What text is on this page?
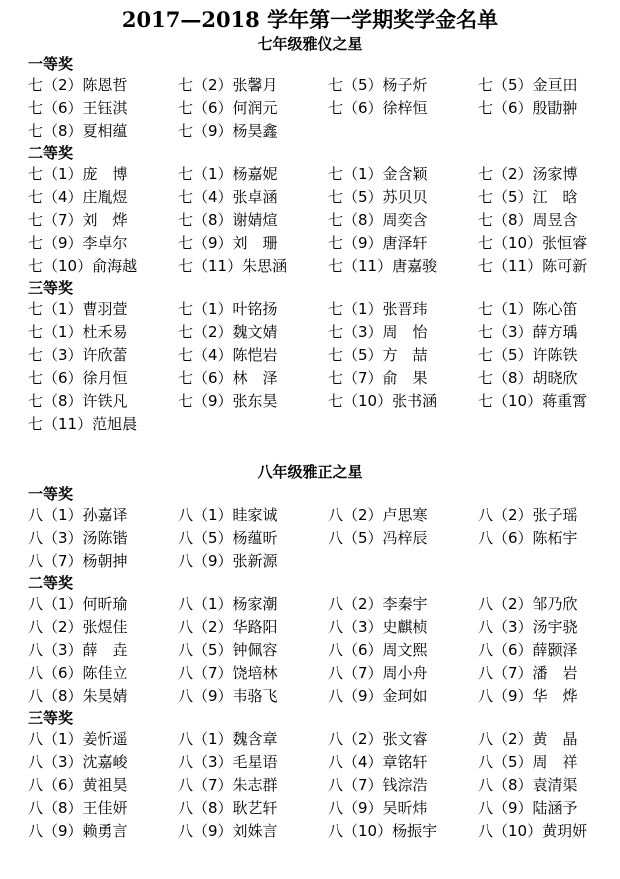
2017—2018 学年第一学期奖学金名单
七年级雅仪之星
一等奖
七（2）陈恩哲	七（2）张馨月	七（5）杨子炘	七（5）金亘田
七（6）王钰淇	七（6）何润元	七（6）徐梓恒	七（6）殷勖翀
七（8）夏相蕴	七（9）杨昊鑫
二等奖
七（1）庞　博	七（1）杨嘉妮	七（1）金含颖	七（2）汤家博
七（4）庄胤煜	七（4）张卓涵	七（5）苏贝贝	七（5）江　晗
七（7）刘　烨	七（8）谢婧煊	七（8）周奕含	七（8）周昱含
七（9）李卓尔	七（9）刘　珊	七（9）唐泽轩	七（10）张恒睿
七（10）俞海越	七（11）朱思涵	七（11）唐嘉骏	七（11）陈可新
三等奖
七（1）曹羽萱	七（1）叶铭扬	七（1）张晋玮	七（1）陈心笛
七（1）杜禾易	七（2）魏文婧	七（3）周　怡	七（3）薛方瑀
七（3）许欣蕾	七（4）陈恺岩	七（5）方　喆	七（5）许陈铁
七（6）徐月恒	七（6）林　泽	七（7）俞　果	七（8）胡晓欣
七（8）许铁凡	七（9）张东昊	七（10）张书涵	七（10）蒋重霄
七（11）范旭晨
八年级雅正之星
一等奖
八（1）孙嘉译	八（1）眭家诚	八（2）卢思寒	八（2）张子瑶
八（3）汤陈锴	八（5）杨蕴昕	八（5）冯梓辰	八（6）陈柘宇
八（7）杨朝抻	八（9）张新源
二等奖
八（1）何昕瑜	八（1）杨家潮	八（2）李秦宇	八（2）邹乃欣
八（2）张煜佳	八（2）华路阳	八（3）史麒桢	八（3）汤宇骁
八（3）薛　垚	八（5）钟佩容	八（6）周文熙	八（6）薛颢泽
八（6）陈佳立	八（7）饶培林	八（7）周小舟	八（7）潘　岩
八（8）朱昊婧	八（9）韦骆飞	八（9）金珂如	八（9）华　烨
三等奖
八（1）姜忻遥	八（1）魏含章	八（2）张文睿	八（2）黄　晶
八（3）沈嘉峻	八（3）毛星语	八（4）章铭轩	八（5）周　祥
八（6）黄祖昊	八（7）朱志群	八（7）钱淙浩	八（8）袁清渠
八（8）王佳妍	八（8）耿艺轩	八（9）吴昕炜	八（9）陆涵予
八（9）赖勇言	八（9）刘姝言	八（10）杨振宇	八（10）黄玥妍
